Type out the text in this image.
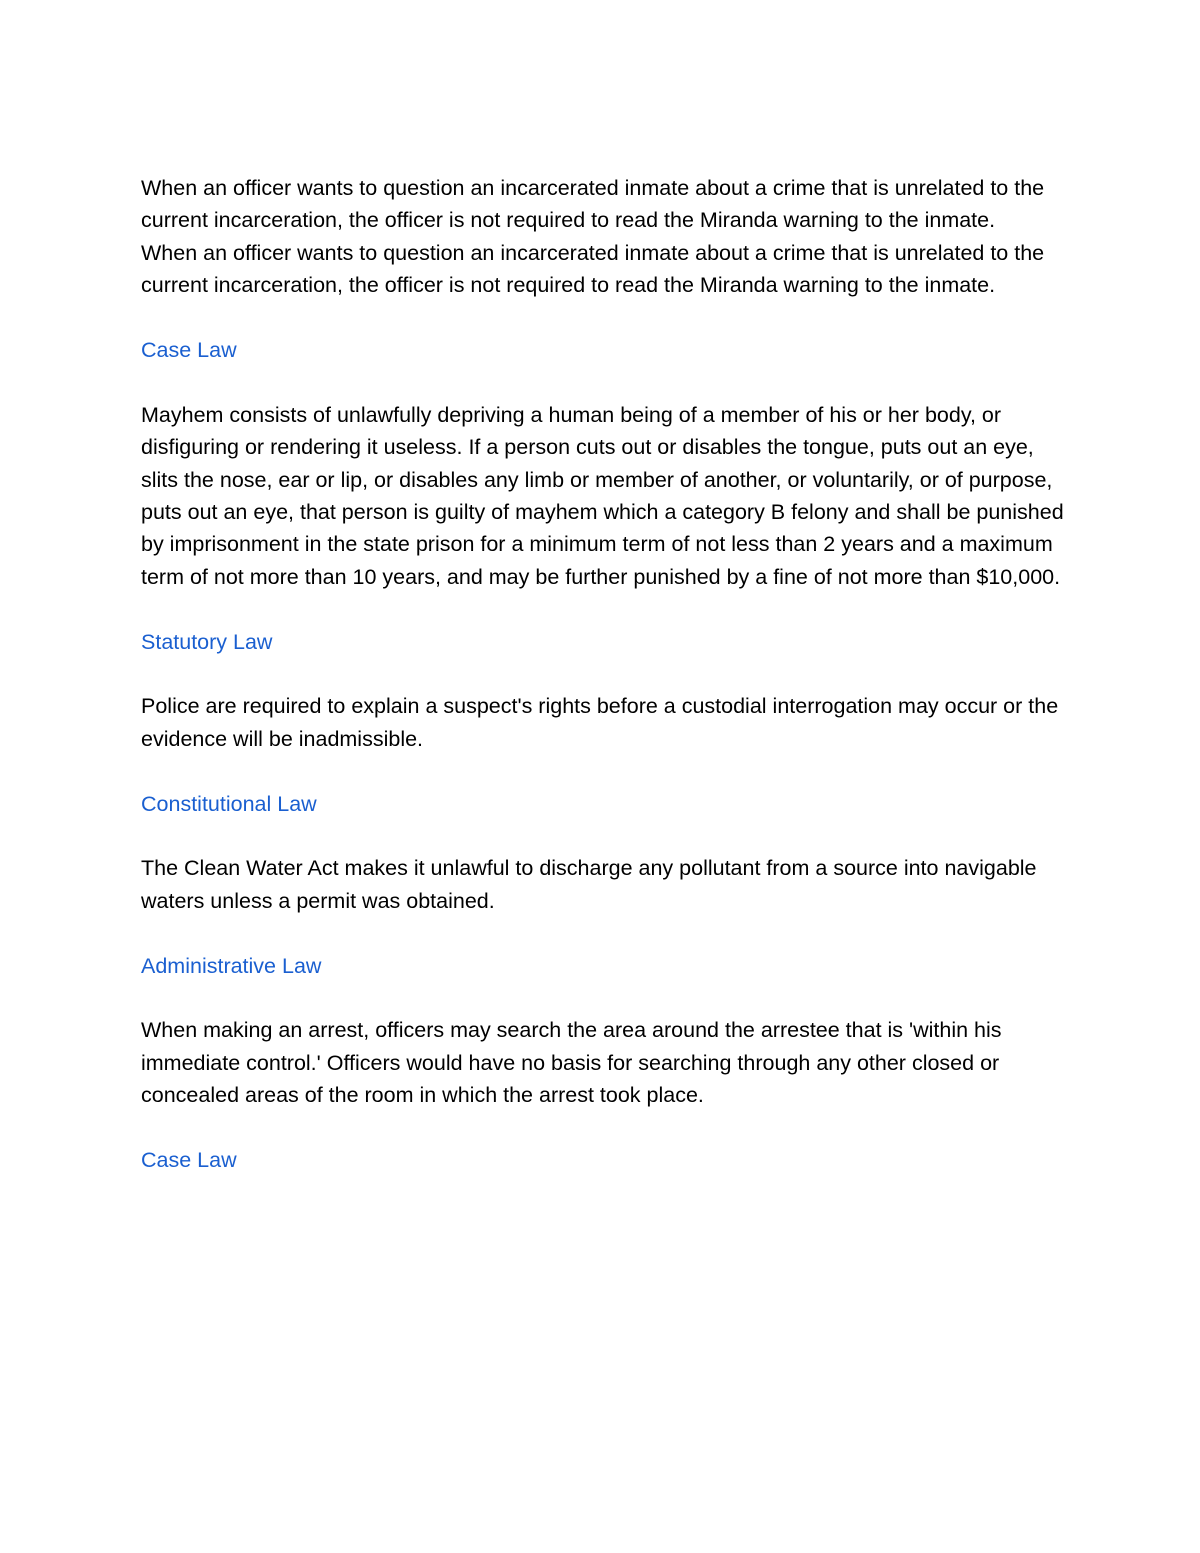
When an officer wants to question an incarcerated inmate about a crime that is unrelated to the current incarceration, the officer is not required to read the Miranda warning to the inmate.

When an officer wants to question an incarcerated inmate about a crime that is unrelated to the current incarceration, the officer is not required to read the Miranda warning to the inmate.

Case Law

Mayhem consists of unlawfully depriving a human being of a member of his or her body, or disfiguring or rendering it useless. If a person cuts out or disables the tongue, puts out an eye, slits the nose, ear or lip, or disables any limb or member of another, or voluntarily, or of purpose, puts out an eye, that person is guilty of mayhem which a category B felony and shall be punished by imprisonment in the state prison for a minimum term of not less than 2 years and a maximum term of not more than 10 years, and may be further punished by a fine of not more than $10,000.

Statutory Law

Police are required to explain a suspect's rights before a custodial interrogation may occur or the evidence will be inadmissible.

Constitutional Law

The Clean Water Act makes it unlawful to discharge any pollutant from a source into navigable waters unless a permit was obtained.

Administrative Law

When making an arrest, officers may search the area around the arrestee that is 'within his immediate control.' Officers would have no basis for searching through any other closed or concealed areas of the room in which the arrest took place.

Case Law
